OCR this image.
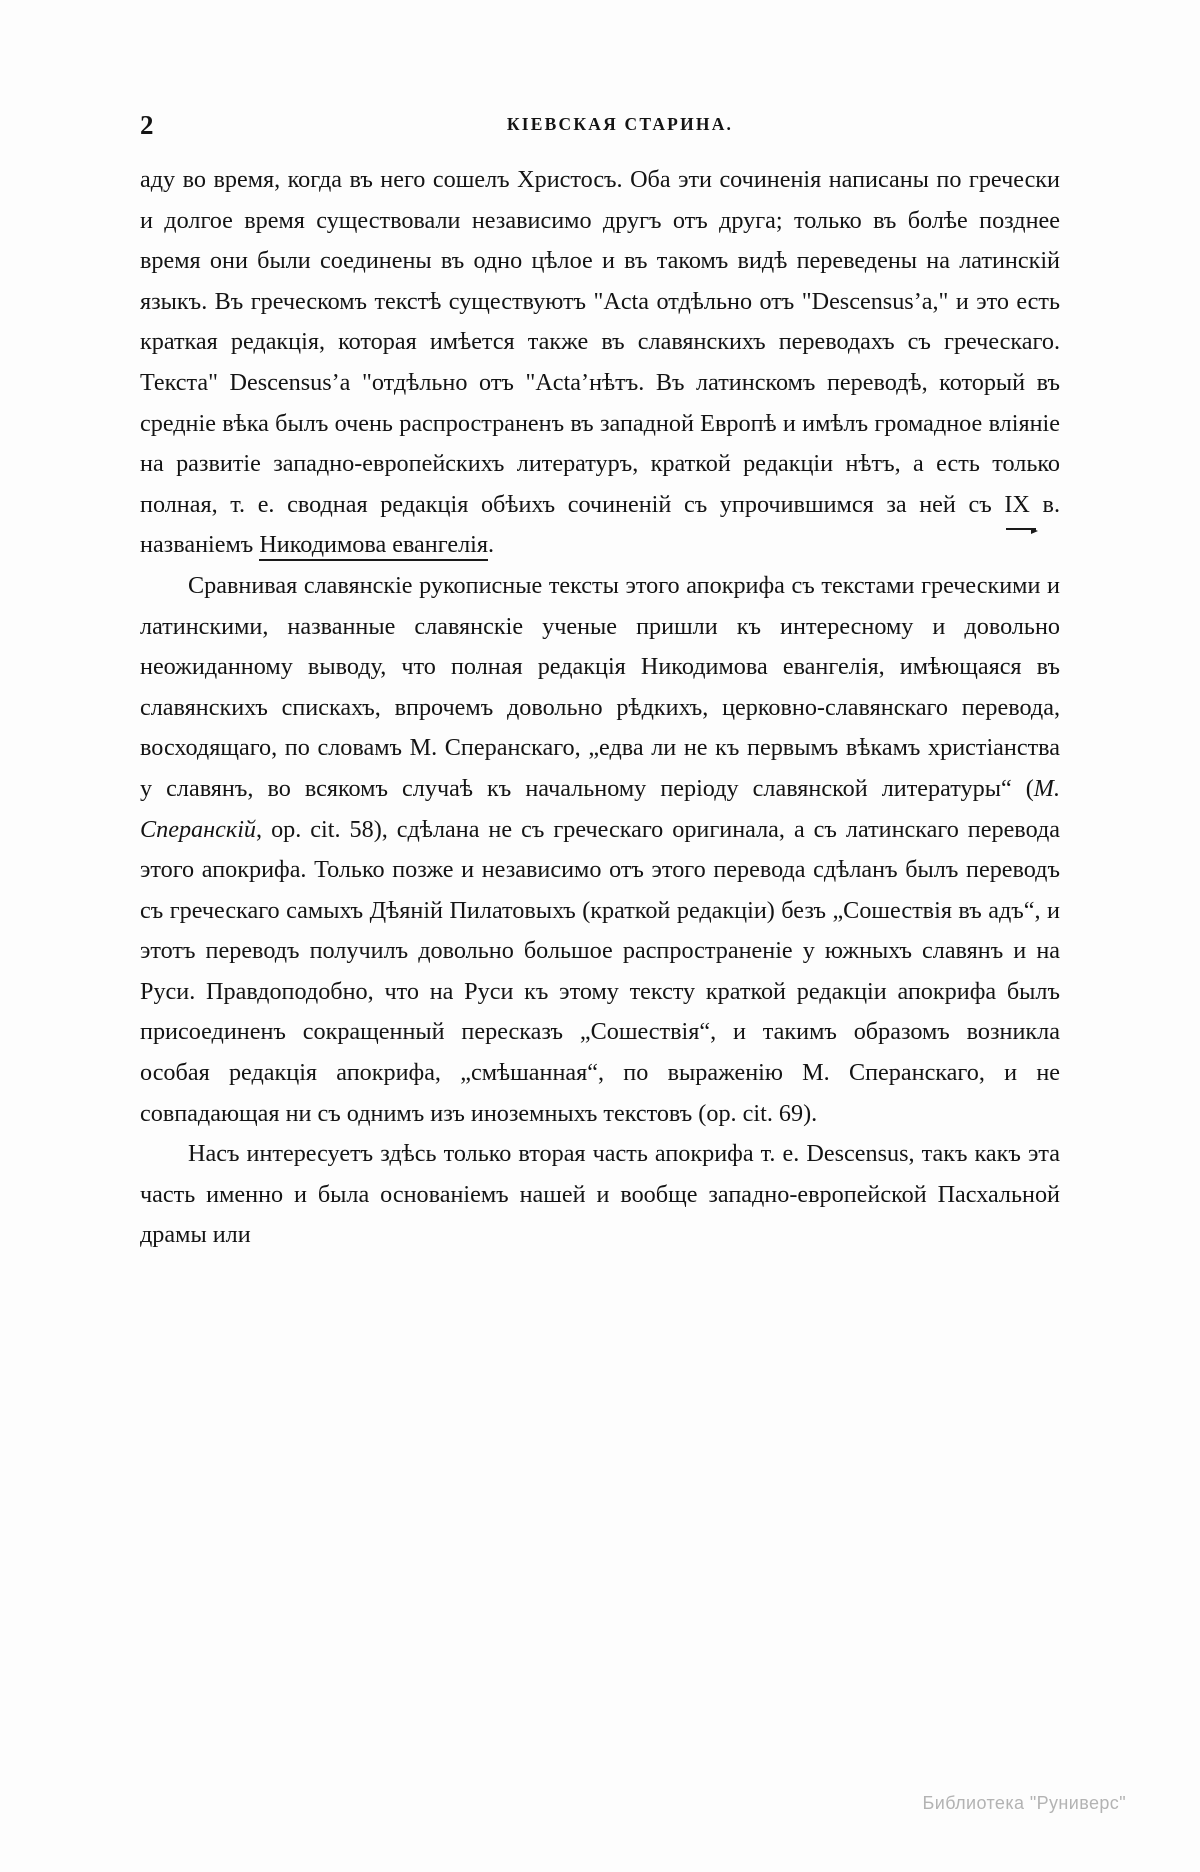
2	КІЕВСКАЯ СТАРИНА.

аду во время, когда въ него сошелъ Христосъ. Оба эти сочиненія написаны по гречески и долгое время существовали независимо другъ отъ друга; только въ болѣе позднее время они были соединены въ одно цѣлое и въ такомъ видѣ переведены на латинскій языкъ. Въ греческомъ текстѣ существуютъ "Acta отдѣльно отъ "Descensus’a," и это есть краткая редакція, которая имѣется также въ славянскихъ переводахъ съ греческаго. Текста" Descensus’a "отдѣльно отъ "Acta’нѣтъ. Въ латинскомъ переводѣ, который въ средніе вѣка былъ очень распространенъ въ западной Европѣ и имѣлъ громадное вліяніе на развитіе западно-европейскихъ литературъ, краткой редакціи нѣтъ, а есть только полная, т. е. сводная редакція обѣихъ сочиненій съ упрочившимся за ней съ IX в. названіемъ Никодимова евангелія.

Сравнивая славянскіе рукописные тексты этого апокрифа съ текстами греческими и латинскими, названные славянскіе ученые пришли къ интересному и довольно неожиданному выводу, что полная редакція Никодимова евангелія, имѣющаяся въ славянскихъ спискахъ, впрочемъ довольно рѣдкихъ, церковно-славянскаго перевода, восходящаго, по словамъ М. Сперанскаго, „едва ли не къ первымъ вѣкамъ христіанства у славянъ, во всякомъ случаѣ къ начальному періоду славянской литературы“ (М. Сперанскій, op. cit. 58), сдѣлана не съ греческаго оригинала, а съ латинскаго перевода этого апокрифа. Только позже и независимо отъ этого перевода сдѣланъ былъ переводъ съ греческаго самыхъ Дѣяній Пилатовыхъ (краткой редакціи) безъ „Сошествія въ адъ“, и этотъ переводъ получилъ довольно большое распространеніе у южныхъ славянъ и на Руси. Правдоподобно, что на Руси къ этому тексту краткой редакціи апокрифа былъ присоединенъ сокращенный пересказъ „Сошествія“, и такимъ образомъ возникла особая редакція апокрифа, „смѣшанная“, по выраженію М. Сперанскаго, и не совпадающая ни съ однимъ изъ иноземныхъ текстовъ (op. cit. 69).

Насъ интересуетъ здѣсь только вторая часть апокрифа т. е. Descensus, такъ какъ эта часть именно и была основаніемъ нашей и вообще западно-европейской Пасхальной драмы или

Библиотека "Руниверс"
